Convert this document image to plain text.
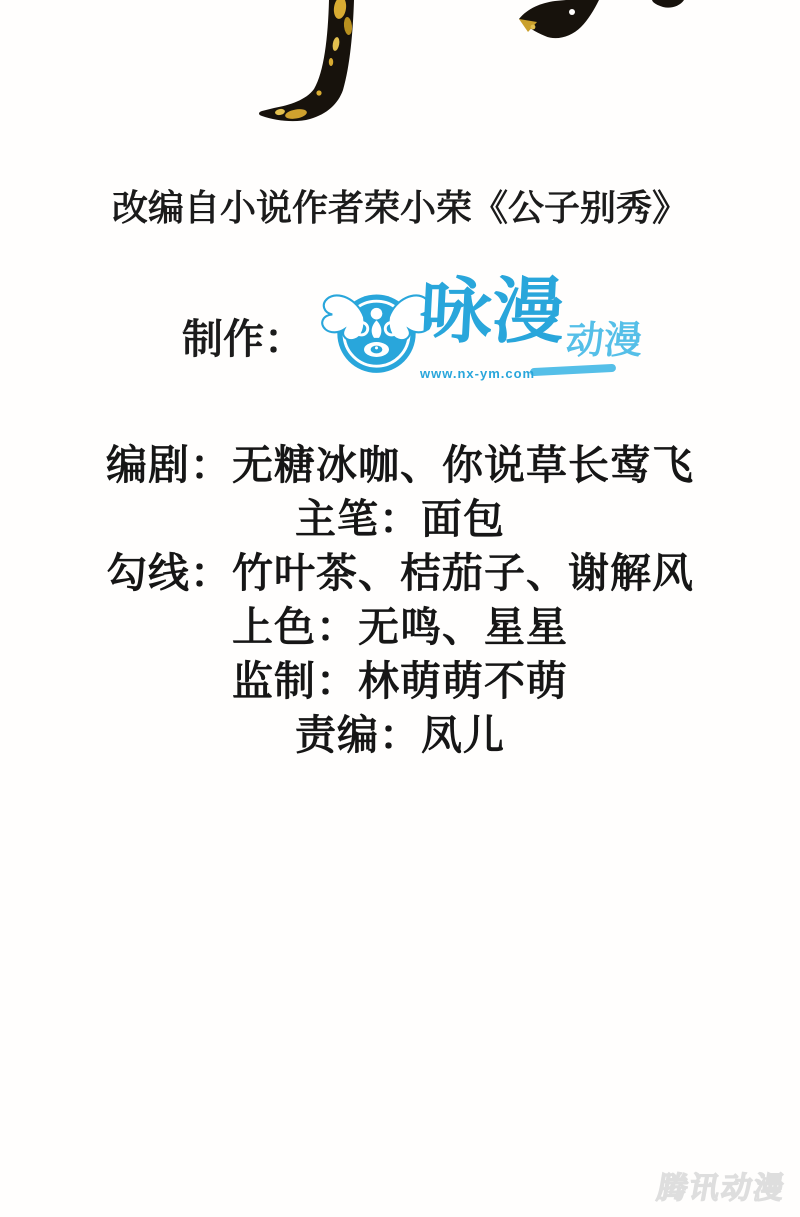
改编自小说作者荣小荣《公子别秀》
制作： 咏漫
动漫
www.nx-ym.com
编剧：无糖冰咖、你说草长莺飞
主笔：面包
勾线：竹叶茶、桔茄子、谢解风
上色：无鸣、星星
监制：林萌萌不萌
责编：凤儿
腾讯动漫
